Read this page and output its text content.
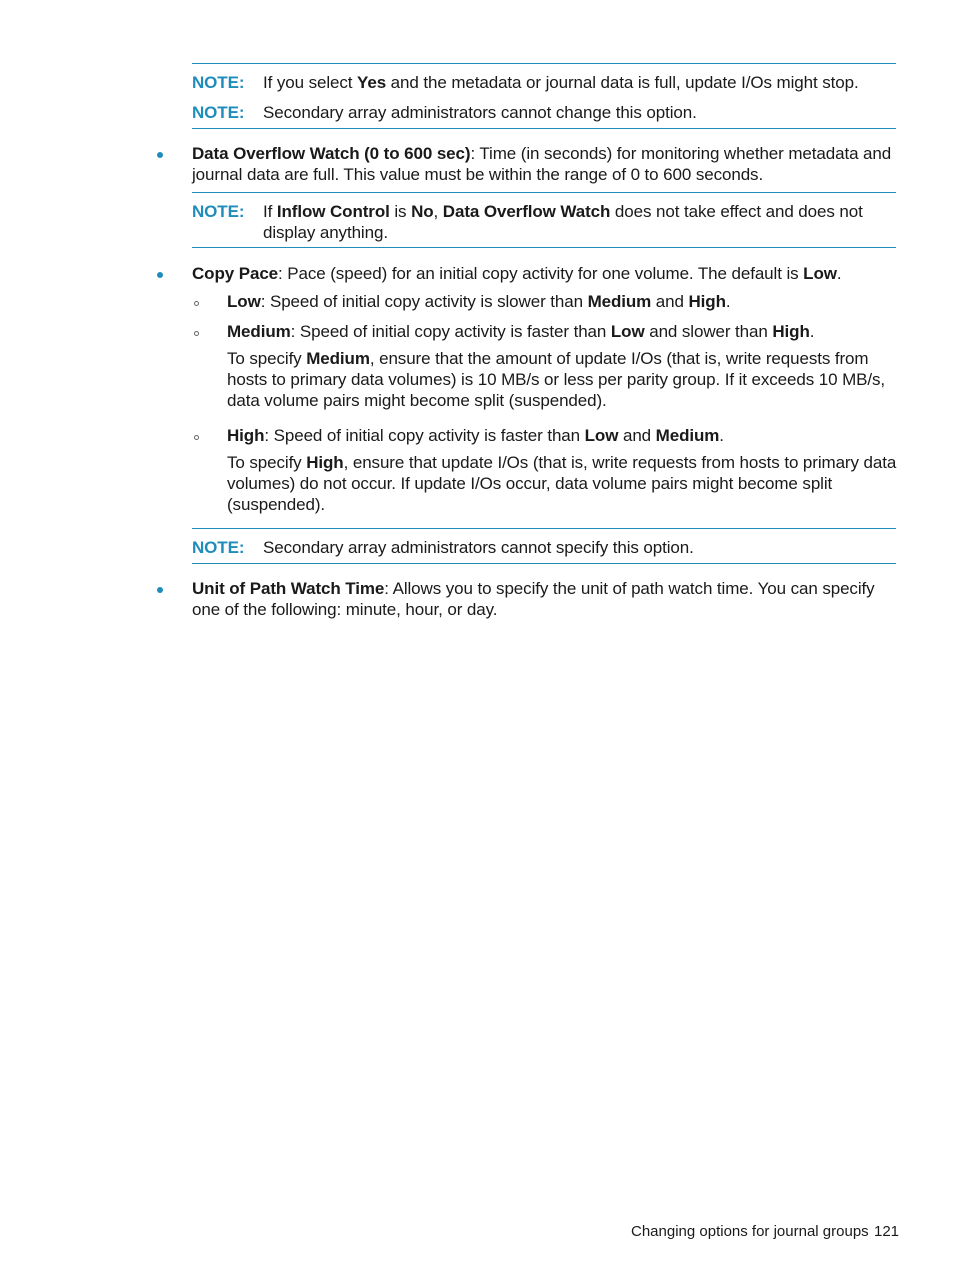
NOTE: If you select Yes and the metadata or journal data is full, update I/Os might stop.
NOTE: Secondary array administrators cannot change this option.
Data Overflow Watch (0 to 600 sec): Time (in seconds) for monitoring whether metadata and journal data are full. This value must be within the range of 0 to 600 seconds.
NOTE: If Inflow Control is No, Data Overflow Watch does not take effect and does not display anything.
Copy Pace: Pace (speed) for an initial copy activity for one volume. The default is Low.
Low: Speed of initial copy activity is slower than Medium and High.
Medium: Speed of initial copy activity is faster than Low and slower than High.
To specify Medium, ensure that the amount of update I/Os (that is, write requests from hosts to primary data volumes) is 10 MB/s or less per parity group. If it exceeds 10 MB/s, data volume pairs might become split (suspended).
High: Speed of initial copy activity is faster than Low and Medium.
To specify High, ensure that update I/Os (that is, write requests from hosts to primary data volumes) do not occur. If update I/Os occur, data volume pairs might become split (suspended).
NOTE: Secondary array administrators cannot specify this option.
Unit of Path Watch Time: Allows you to specify the unit of path watch time. You can specify one of the following: minute, hour, or day.
Changing options for journal groups 121
